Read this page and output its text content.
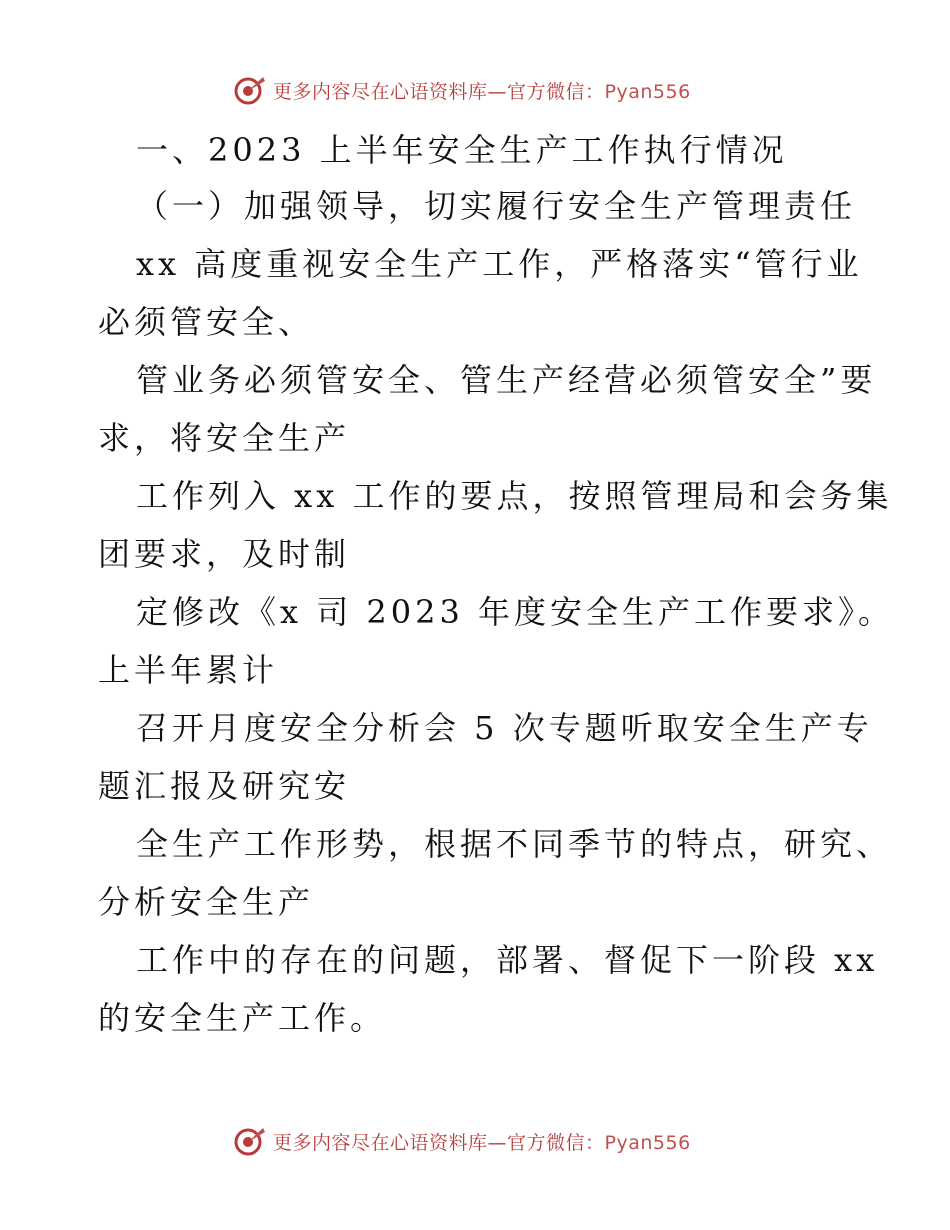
更多内容尽在心语资料库—官方微信：Pyan556
一、2023 上半年安全生产工作执行情况
（一）加强领导，切实履行安全生产管理责任
xx 高度重视安全生产工作，严格落实“管行业
必须管安全、
管业务必须管安全、管生产经营必须管安全”要
求，将安全生产
工作列入 xx 工作的要点，按照管理局和会务集
团要求，及时制
定修改《x 司 2023 年度安全生产工作要求》。
上半年累计
召开月度安全分析会 5 次专题听取安全生产专
题汇报及研究安
全生产工作形势，根据不同季节的特点，研究、
分析安全生产
工作中的存在的问题，部署、督促下一阶段 xx
的安全生产工作。
更多内容尽在心语资料库—官方微信：Pyan556
